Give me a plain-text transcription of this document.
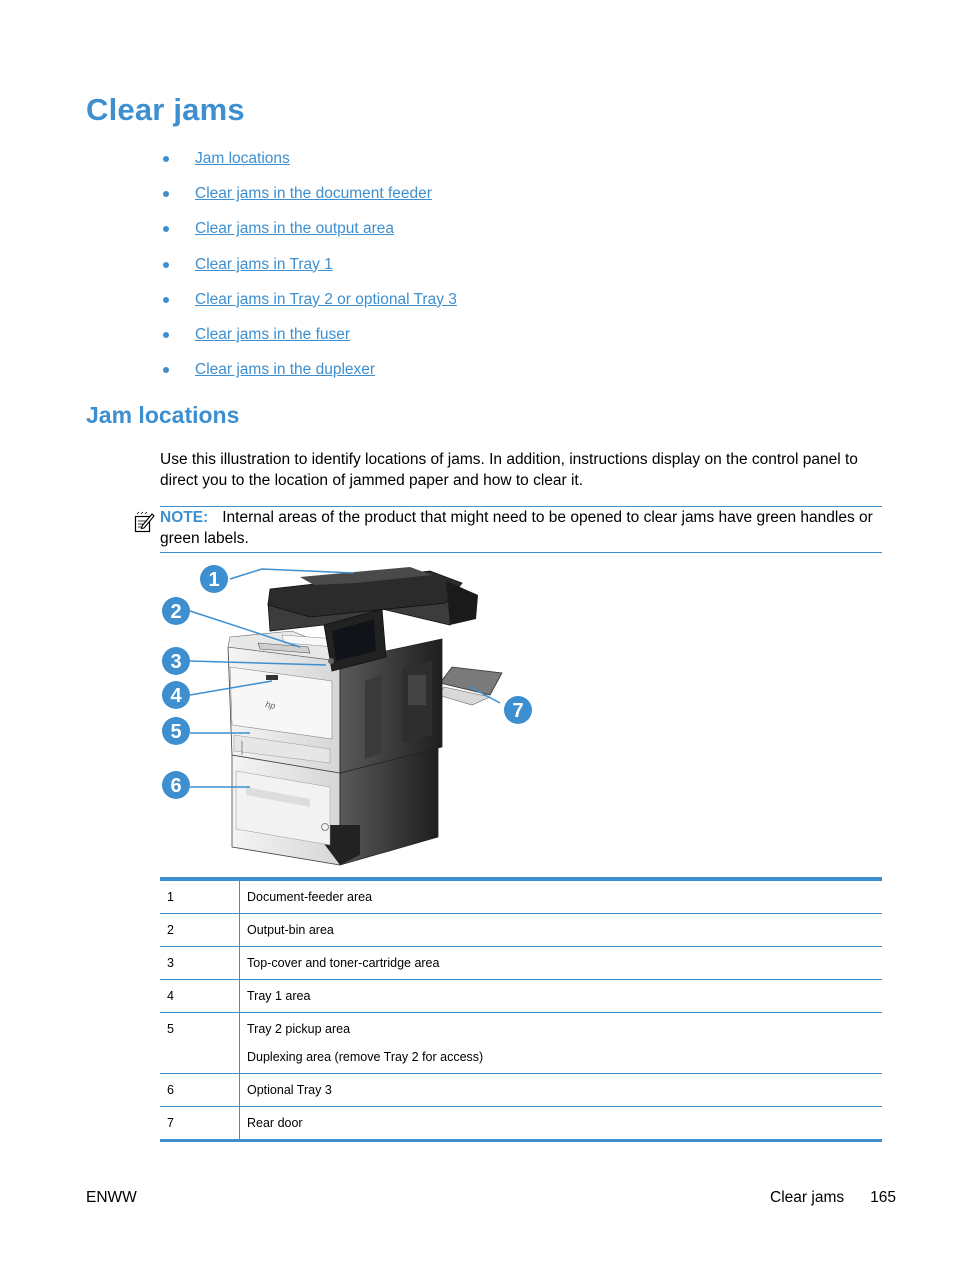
Clear jams
Jam locations
Clear jams in the document feeder
Clear jams in the output area
Clear jams in Tray 1
Clear jams in Tray 2 or optional Tray 3
Clear jams in the fuser
Clear jams in the duplexer
Jam locations

Use this illustration to identify locations of jams. In addition, instructions display on the control panel to direct you to the location of jammed paper and how to clear it.

NOTE: Internal areas of the product that might need to be opened to clear jams have green handles or green labels.
hp
1
2
3
4
5
6
7
1	Document-feeder area
2	Output-bin area
3	Top-cover and toner-cartridge area
4	Tray 1 area
5	Tray 2 pickup area
Duplexing area (remove Tray 2 for access)
6	Optional Tray 3
7	Rear door
ENWW	Clear jams 165
